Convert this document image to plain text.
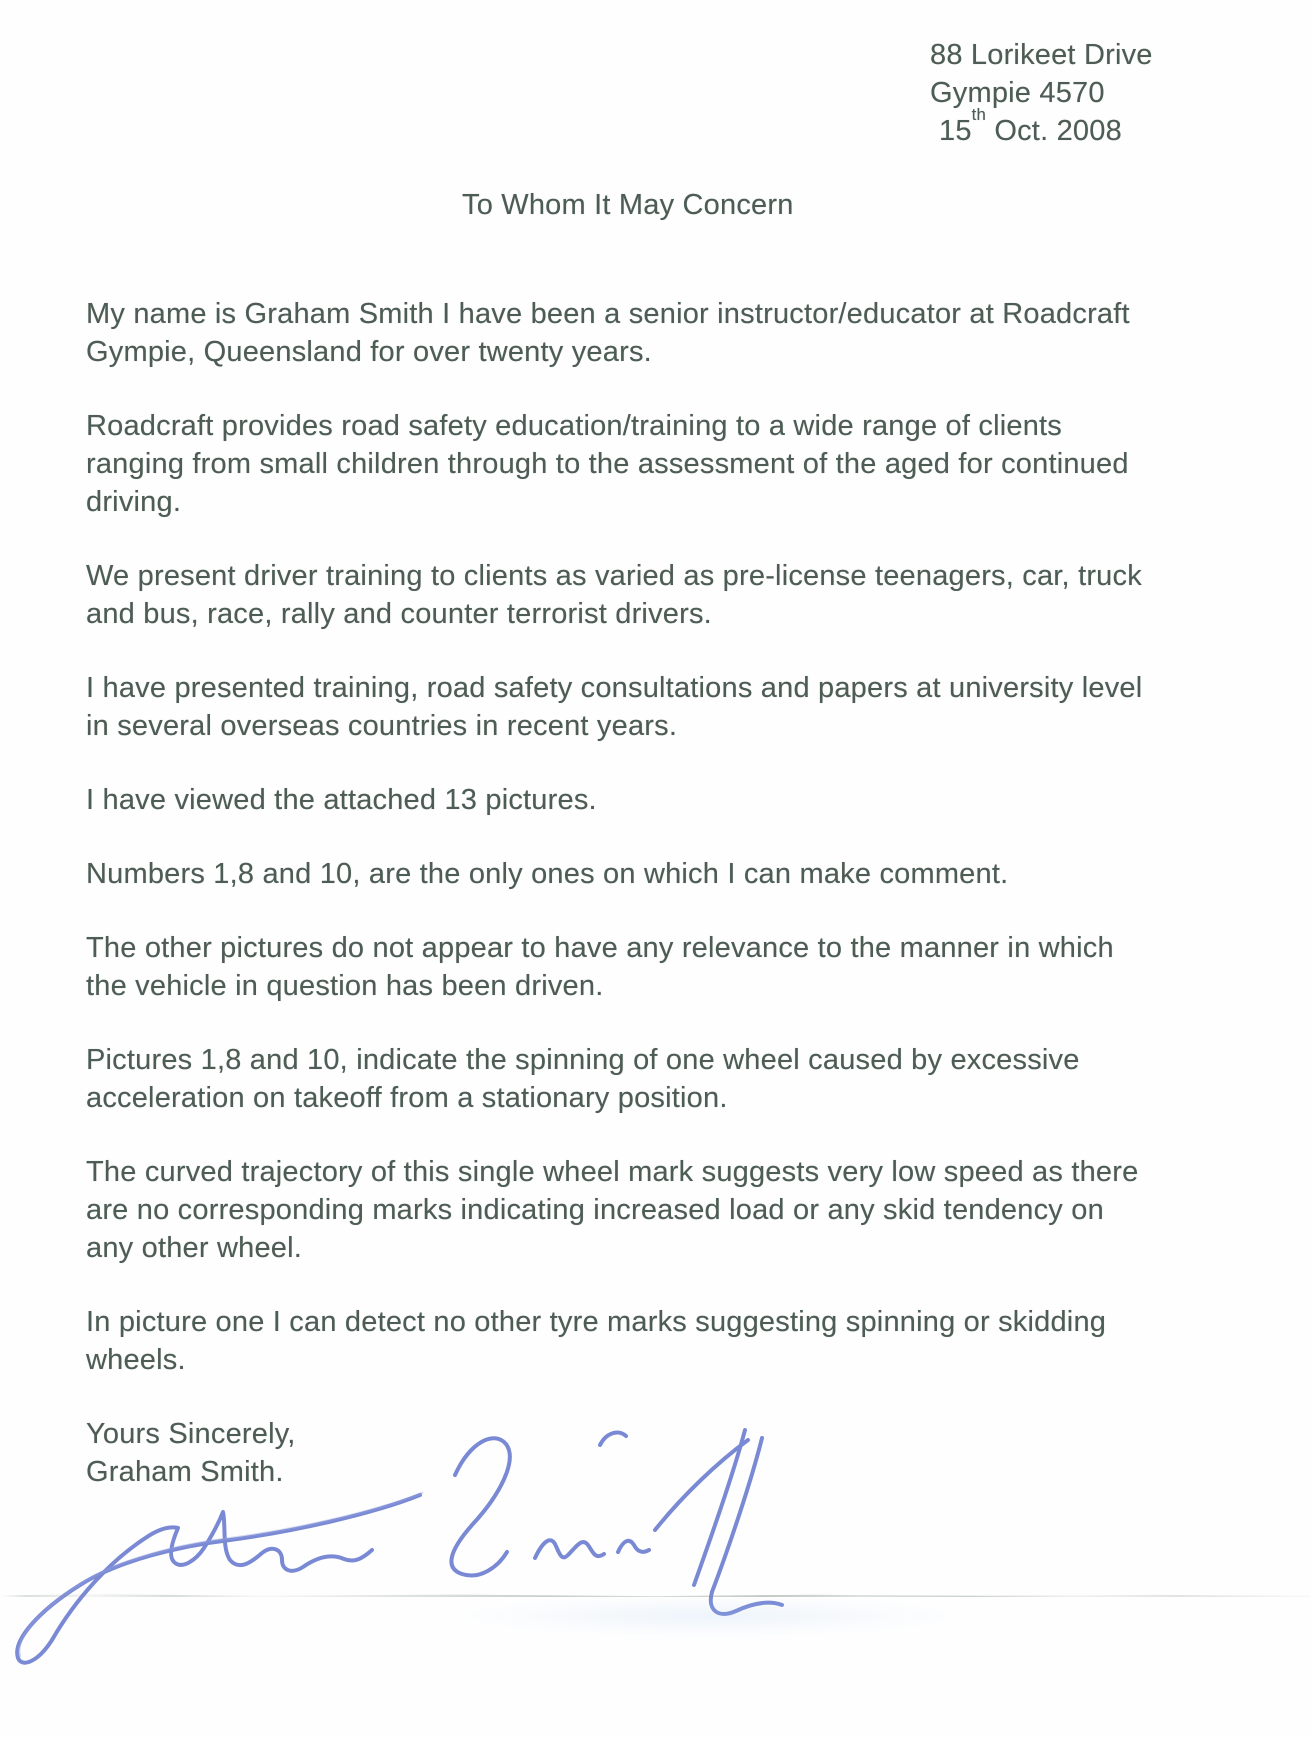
88 Lorikeet Drive
Gympie 4570
15th Oct. 2008
To Whom It May Concern

My name is Graham Smith I have been a senior instructor/educator at Roadcraft
Gympie, Queensland for over twenty years.

Roadcraft provides road safety education/training to a wide range of clients
ranging from small children through to the assessment of the aged for continued
driving.

We present driver training to clients as varied as pre-license teenagers, car, truck
and bus, race, rally and counter terrorist drivers.

I have presented training, road safety consultations and papers at university level
in several overseas countries in recent years.

I have viewed the attached 13 pictures.

Numbers 1,8 and 10, are the only ones on which I can make comment.

The other pictures do not appear to have any relevance to the manner in which
the vehicle in question has been driven.

Pictures 1,8 and 10, indicate the spinning of one wheel caused by excessive
acceleration on takeoff from a stationary position.

The curved trajectory of this single wheel mark suggests very low speed as there
are no corresponding marks indicating increased load or any skid tendency on
any other wheel.

In picture one I can detect no other tyre marks suggesting spinning or skidding
wheels.

Yours Sincerely,
Graham Smith.
